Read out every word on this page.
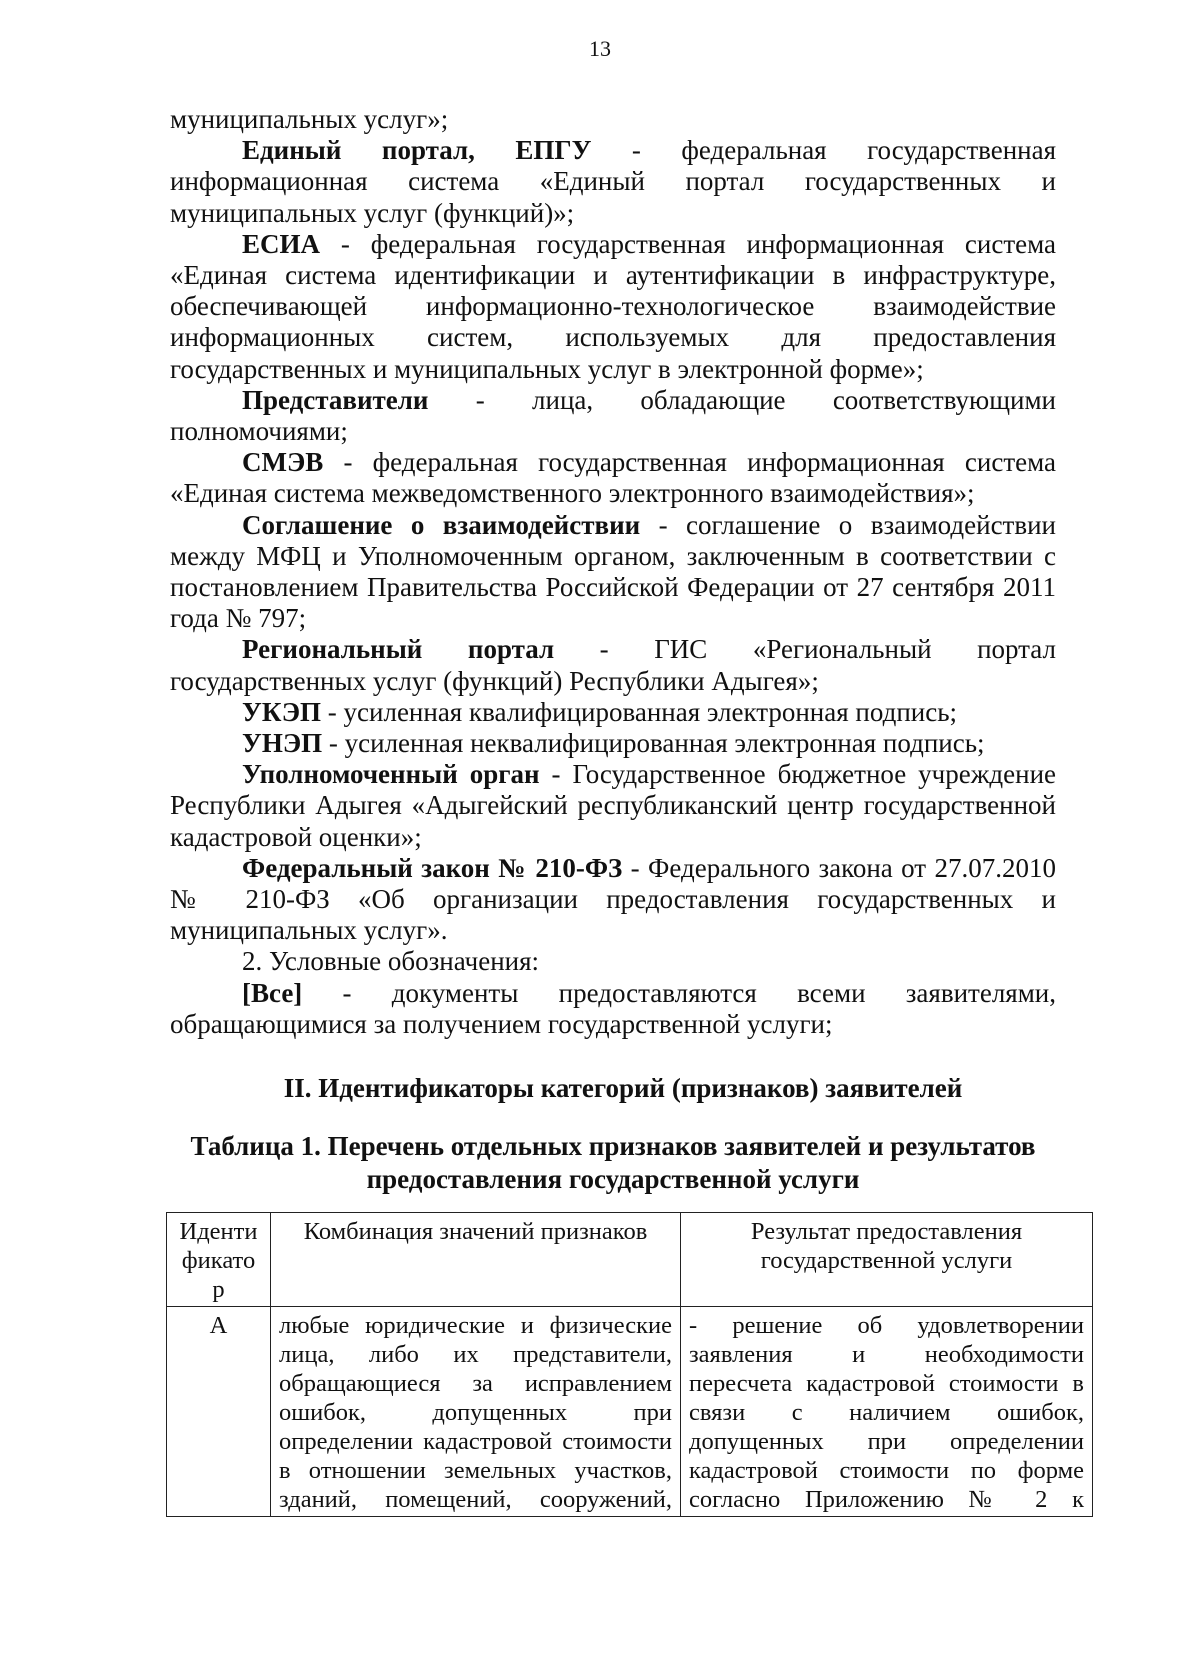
13

муниципальных услуг»;

Единый портал, ЕПГУ - федеральная государственная информационная система «Единый портал государственных и муниципальных услуг (функций)»;

ЕСИА - федеральная государственная информационная система «Единая система идентификации и аутентификации в инфраструктуре, обеспечивающей информационно-технологическое взаимодействие информационных систем, используемых для предоставления государственных и муниципальных услуг в электронной форме»;

Представители - лица, обладающие соответствующими полномочиями;

СМЭВ - федеральная государственная информационная система «Единая система межведомственного электронного взаимодействия»;

Соглашение о взаимодействии - соглашение о взаимодействии между МФЦ и Уполномоченным органом, заключенным в соответствии с постановлением Правительства Российской Федерации от 27 сентября 2011 года № 797;

Региональный портал - ГИС «Региональный портал государственных услуг (функций) Республики Адыгея»;

УКЭП - усиленная квалифицированная электронная подпись;

УНЭП - усиленная неквалифицированная электронная подпись;

Уполномоченный орган - Государственное бюджетное учреждение Республики Адыгея «Адыгейский республиканский центр государственной кадастровой оценки»;

Федеральный закон № 210-ФЗ - Федерального закона от 27.07.2010 № 210-ФЗ «Об организации предоставления государственных и муниципальных услуг».

2. Условные обозначения:

[Все] - документы предоставляются всеми заявителями, обращающимися за получением государственной услуги;

II. Идентификаторы категорий (признаков) заявителей
Таблица 1. Перечень отдельных признаков заявителей и результатов
предоставления государственной услуги
Иденти фикато р	Комбинация значений признаков	Результат предоставления государственной услуги
А	любые юридические и физические лица, либо их представители, обращающиеся за исправлением ошибок, допущенных при определении кадастровой стоимости в отношении земельных участков, зданий, помещений, сооружений,	- решение об удовлетворении заявления и необходимости пересчета кадастровой стоимости в связи с наличием ошибок, допущенных при определении кадастровой стоимости по форме согласно Приложению № 2 к
